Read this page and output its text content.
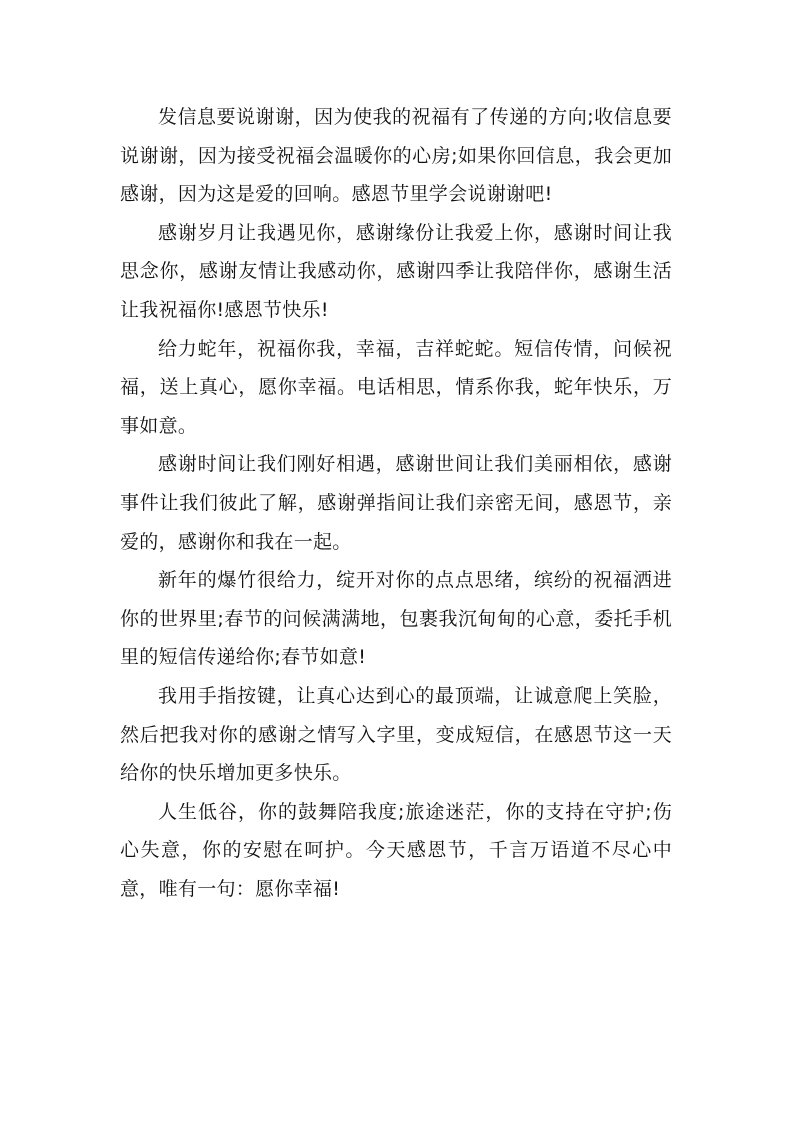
发信息要说谢谢，因为使我的祝福有了传递的方向;收信息要说谢谢，因为接受祝福会温暖你的心房;如果你回信息，我会更加感谢，因为这是爱的回响。感恩节里学会说谢谢吧!

感谢岁月让我遇见你，感谢缘份让我爱上你，感谢时间让我思念你，感谢友情让我感动你，感谢四季让我陪伴你，感谢生活让我祝福你!感恩节快乐!

给力蛇年，祝福你我，幸福，吉祥蛇蛇。短信传情，问候祝福，送上真心，愿你幸福。电话相思，情系你我，蛇年快乐，万事如意。

感谢时间让我们刚好相遇，感谢世间让我们美丽相依，感谢事件让我们彼此了解，感谢弹指间让我们亲密无间，感恩节，亲爱的，感谢你和我在一起。

新年的爆竹很给力，绽开对你的点点思绪，缤纷的祝福洒进你的世界里;春节的问候满满地，包裹我沉甸甸的心意，委托手机里的短信传递给你;春节如意!

我用手指按键，让真心达到心的最顶端，让诚意爬上笑脸，然后把我对你的感谢之情写入字里，变成短信，在感恩节这一天给你的快乐增加更多快乐。

人生低谷，你的鼓舞陪我度;旅途迷茫，你的支持在守护;伤心失意，你的安慰在呵护。今天感恩节，千言万语道不尽心中意，唯有一句：愿你幸福!
